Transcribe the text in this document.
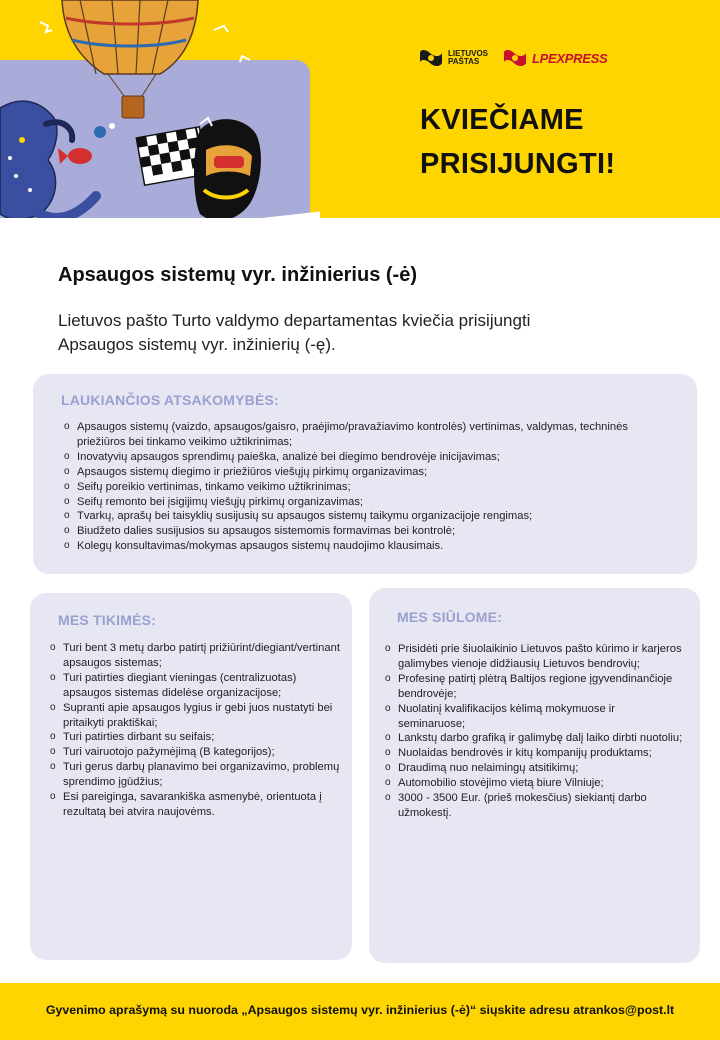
LIETUVOS
PAŠTAS	LPEXPRESS
KVIEČIAME
PRISIJUNGTI!
Apsaugos sistemų vyr. inžinierius (-ė)
Lietuvos pašto Turto valdymo departamentas kviečia prisijungti
Apsaugos sistemų vyr. inžinierių (-ę).
LAUKIANČIOS ATSAKOMYBĖS:
o Apsaugos sistemų (vaizdo, apsaugos/gaisro, praėjimo/pravažiavimo kontrolės) vertinimas, valdymas, techninės priežiūros bei tinkamo veikimo užtikrinimas;
o Inovatyvių apsaugos sprendimų paieška, analizė bei diegimo bendrovėje inicijavimas;
o Apsaugos sistemų diegimo ir priežiūros viešųjų pirkimų organizavimas;
o Seifų poreikio vertinimas, tinkamo veikimo užtikrinimas;
o Seifų remonto bei įsigijimų viešųjų pirkimų organizavimas;
o Tvarkų, aprašų bei taisyklių susijusių su apsaugos sistemų taikymu organizacijoje rengimas;
o Biudžeto dalies susijusios su apsaugos sistemomis formavimas bei kontrolė;
o Kolegų konsultavimas/mokymas apsaugos sistemų naudojimo klausimais.
MES TIKIMĖS:
o Turi bent 3 metų darbo patirtį prižiūrint/diegiant/vertinant apsaugos sistemas;
o Turi patirties diegiant vieningas (centralizuotas) apsaugos sistemas didelėse organizacijose;
o Supranti apie apsaugos lygius ir gebi juos nustatyti bei pritaikyti praktiškai;
o Turi patirties dirbant su seifais;
o Turi vairuotojo pažymėjimą (B kategorijos);
o Turi gerus darbų planavimo bei organizavimo, problemų sprendimo įgūdžius;
o Esi pareiginga, savarankiška asmenybė, orientuota į rezultatą bei atvira naujovėms.
MES SIŪLOME:
o Prisidėti prie šiuolaikinio Lietuvos pašto kūrimo ir karjeros galimybes vienoje didžiausių Lietuvos bendrovių;
o Profesinę patirtį plėtrą Baltijos regione įgyvendinančioje bendrovėje;
o Nuolatinį kvalifikacijos kėlimą mokymuose ir seminaruose;
o Lankstų darbo grafiką ir galimybę dalį laiko dirbti nuotoliu;
o Nuolaidas bendrovės ir kitų kompanijų produktams;
o Draudimą nuo nelaimingų atsitikimų;
o Automobilio stovėjimo vietą biure Vilniuje;
o 3000 - 3500 Eur. (prieš mokesčius) siekiantį darbo užmokestį.
Gyvenimo aprašymą su nuoroda „Apsaugos sistemų vyr. inžinierius (-ė)“ siųskite adresu atrankos@post.lt
